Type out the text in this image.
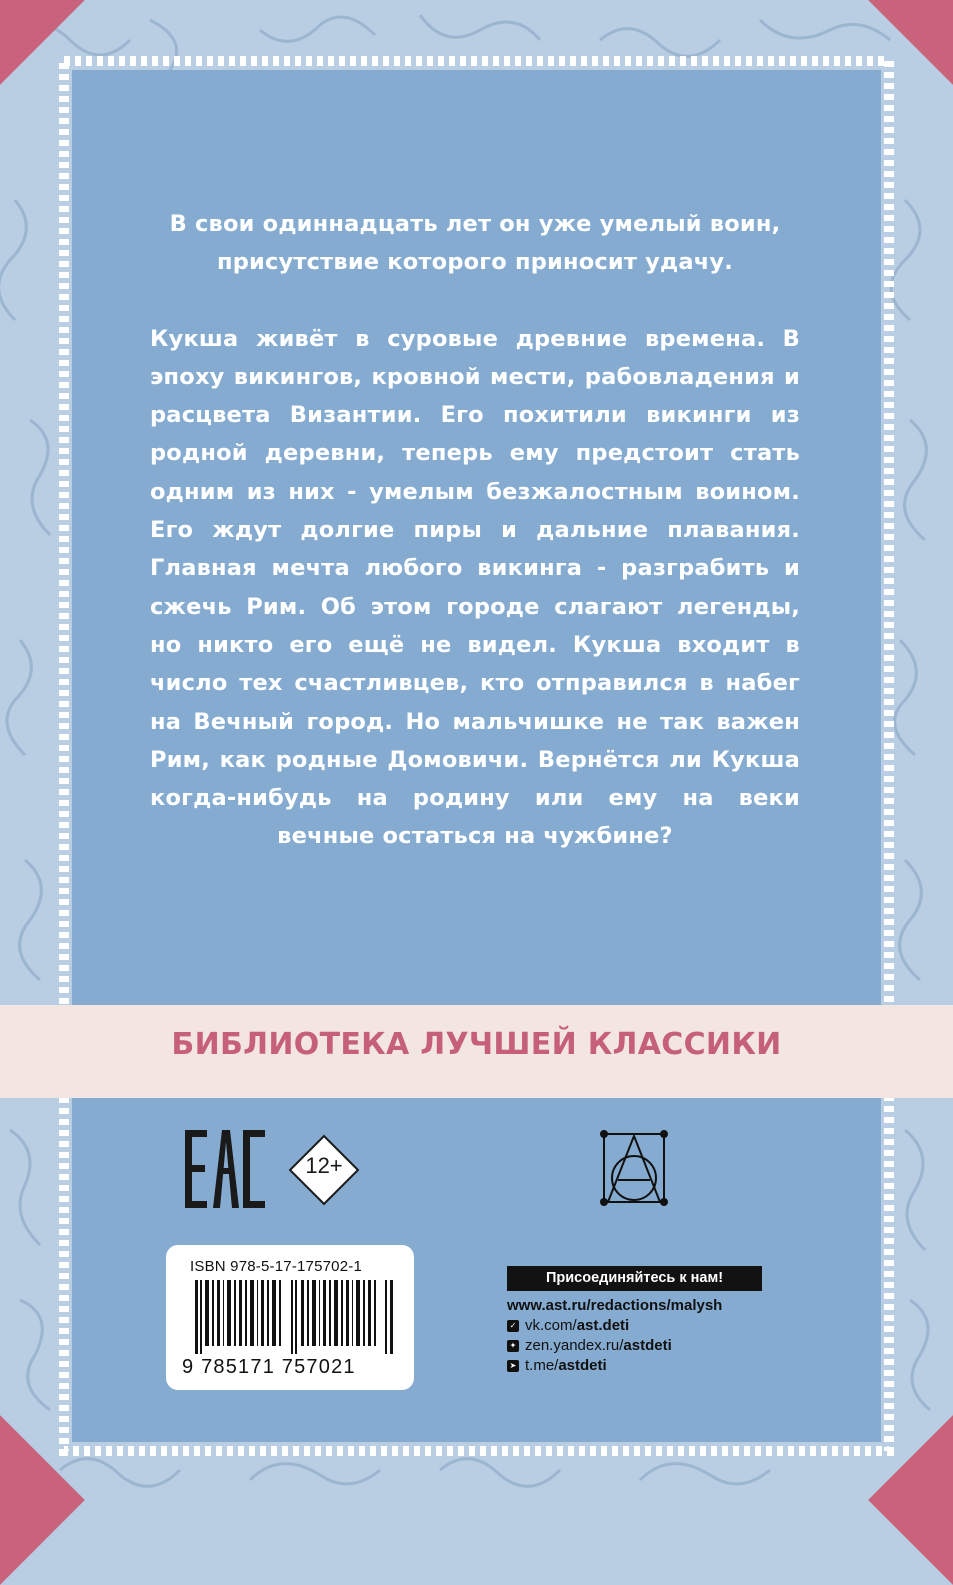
В свои одиннадцать лет он уже умелый воин, присутствие которого приносит удачу.

Кукша живёт в суровые древние времена. В эпоху викингов, кровной мести, рабовладения и расцвета Византии. Его похитили викинги из родной деревни, теперь ему предстоит стать одним из них - умелым безжалостным воином. Его ждут долгие пиры и дальние плавания. Главная мечта любого викинга - разграбить и сжечь Рим. Об этом городе слагают легенды, но никто его ещё не видел. Кукша входит в число тех счастливцев, кто отправился в набег на Вечный город. Но мальчишке не так важен Рим, как родные Домовичи. Вернётся ли Кукша когда-нибудь на родину или ему на веки вечные остаться на чужбине?

БИБЛИОТЕКА ЛУЧШЕЙ КЛАССИКИ
12+
ISBN 978-5-17-175702-1
9 785171 757021
Присоединяйтесь к нам!
www.ast.ru/redactions/malysh
✓ vk.com/ ast.deti
✦ zen.yandex.ru/ astdeti
➤ t.me/ astdeti
